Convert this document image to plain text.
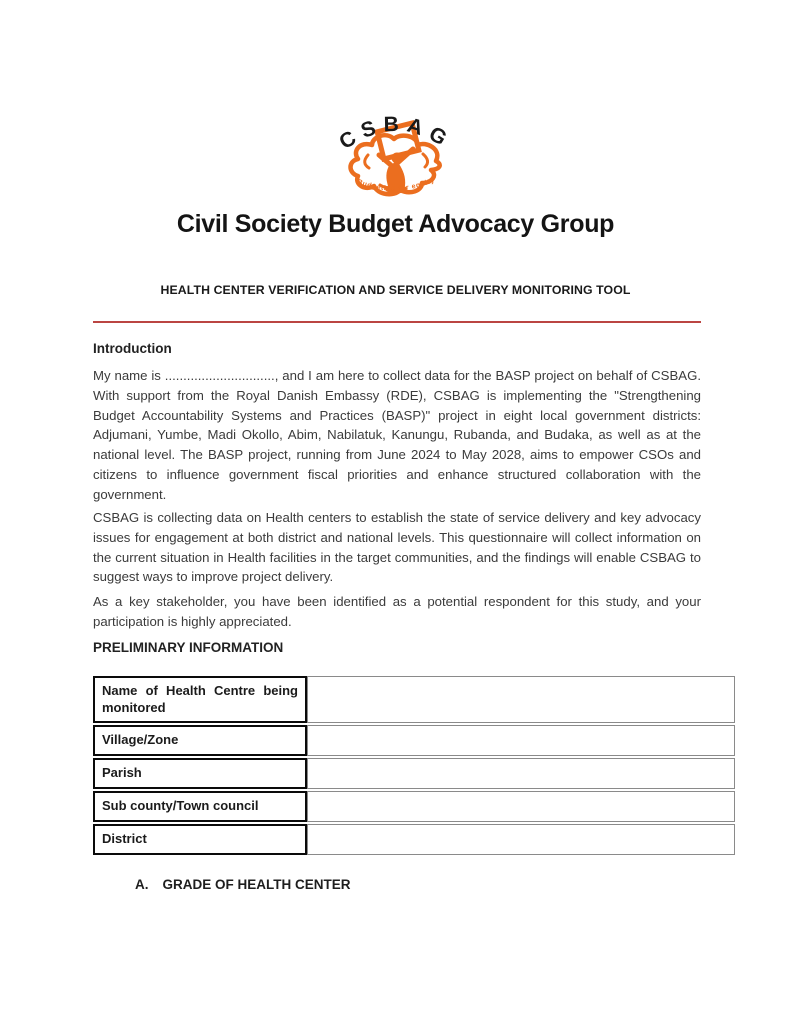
CSBAG
Budgeting for equity
Civil Society Budget Advocacy Group
HEALTH CENTER VERIFICATION AND SERVICE DELIVERY MONITORING TOOL
Introduction

My name is .............................., and I am here to collect data for the BASP project on behalf of CSBAG. With support from the Royal Danish Embassy (RDE), CSBAG is implementing the "Strengthening Budget Accountability Systems and Practices (BASP)" project in eight local government districts: Adjumani, Yumbe, Madi Okollo, Abim, Nabilatuk, Kanungu, Rubanda, and Budaka, as well as at the national level. The BASP project, running from June 2024 to May 2028, aims to empower CSOs and citizens to influence government fiscal priorities and enhance structured collaboration with the government.

CSBAG is collecting data on Health centers to establish the state of service delivery and key advocacy issues for engagement at both district and national levels. This questionnaire will collect information on the current situation in Health facilities in the target communities, and the findings will enable CSBAG to suggest ways to improve project delivery.

As a key stakeholder, you have been identified as a potential respondent for this study, and your participation is highly appreciated.

PRELIMINARY INFORMATION
Name of Health Centre being monitored	
Village/Zone	
Parish	
Sub county/Town council	
District	
A. GRADE OF HEALTH CENTER
